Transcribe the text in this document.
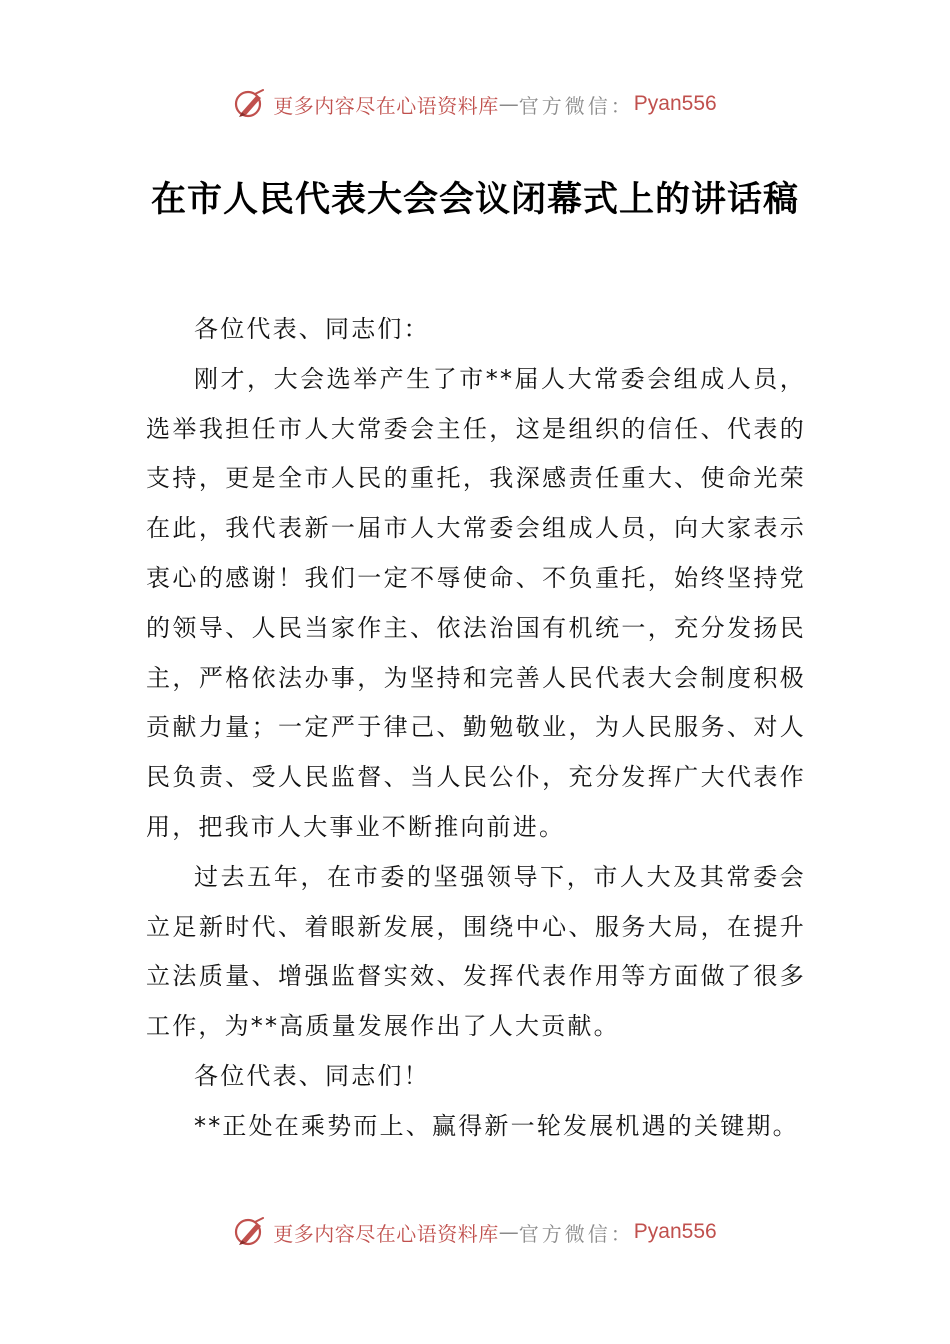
更多内容尽在心语资料库 — 官方微信： Pyan556
在市人民代表大会会议闭幕式上的讲话稿

各位代表、同志们：

刚才，大会选举产生了市**届人大常委会组成人员，选举我担任市人大常委会主任，这是组织的信任、代表的支持，更是全市人民的重托，我深感责任重大、使命光荣在此，我代表新一届市人大常委会组成人员，向大家表示衷心的感谢！我们一定不辱使命、不负重托，始终坚持党的领导、人民当家作主、依法治国有机统一，充分发扬民主，严格依法办事，为坚持和完善人民代表大会制度积极贡献力量；一定严于律己、勤勉敬业，为人民服务、对人民负责、受人民监督、当人民公仆，充分发挥广大代表作用，把我市人大事业不断推向前进。

过去五年，在市委的坚强领导下，市人大及其常委会立足新时代、着眼新发展，围绕中心、服务大局，在提升立法质量、增强监督实效、发挥代表作用等方面做了很多工作，为**高质量发展作出了人大贡献。

各位代表、同志们！

**正处在乘势而上、赢得新一轮发展机遇的关键期。

更多内容尽在心语资料库 — 官方微信： Pyan556
